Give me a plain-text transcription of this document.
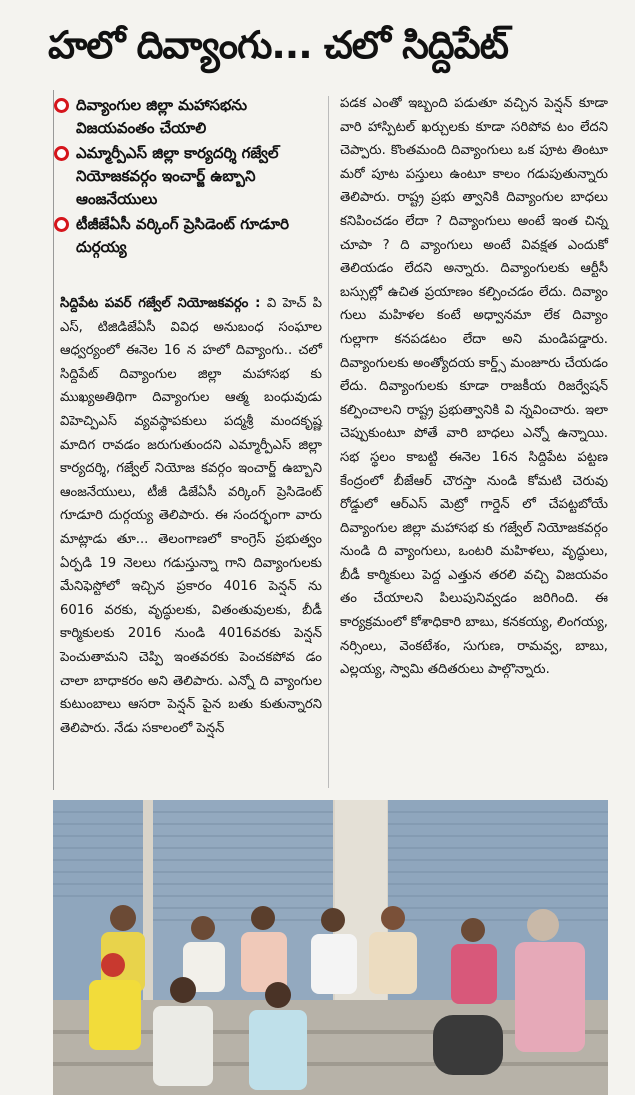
హలో దివ్యాంగు... చలో సిద్దిపేట్
దివ్యాంగుల జిల్లా మహాసభను విజయవంతం చేయాలి
ఎమ్మార్పీఎస్ జిల్లా కార్యదర్శి గజ్వేల్ నియోజకవర్గం ఇంచార్జ్ ఉబ్బాని ఆంజనేయులు
టీజీజేఏసీ వర్కింగ్ ప్రెసిడెంట్ గూడూరి దుర్గయ్య
సిద్దిపేట పవర్ గజ్వేల్ నియోజకవర్గం : వి హెచ్ పి ఎస్, టిజిడిజేఏసీ వివిధ అనుబంధ సంఘాల ఆధ్వర్యంలో ఈనెల 16 న హలో దివ్యాంగు.. చలో సిద్దిపేట్ దివ్యాంగుల జిల్లా మహాసభ కు ముఖ్యఅతిథిగా దివ్యాంగుల ఆత్మ బంధువుడు విహెచ్పిఎస్ వ్యవస్థాపకులు పద్మశ్రీ మందకృష్ణ మాదిగ రావడం జరుగుతుందని ఎమ్మార్పీఎస్ జిల్లా కార్యదర్శి, గజ్వేల్ నియోజ కవర్గం ఇంచార్జ్ ఉబ్బాని ఆంజనేయులు, టీజీ డిజేఏసీ వర్కింగ్ ప్రెసిడెంట్ గూడూరి దుర్గయ్య తెలిపారు. ఈ సందర్భంగా వారు మాట్లాడు తూ... తెలంగాణలో కాంగ్రెస్ ప్రభుత్వం ఏర్పడి 19 నెలలు గడుస్తున్నా గాని దివ్యాంగులకు మేనిఫెస్టోలో ఇచ్చిన ప్రకారం 4016 పెన్షన్ ను 6016 వరకు, వృద్ధులకు, వితంతువులకు, బీడీ కార్మికులకు 2016 నుండి 4016వరకు పెన్షన్ పెంచుతామని చెప్పి ఇంతవరకు పెంచకపోవ డం చాలా బాధాకరం అని తెలిపారు. ఎన్నో ది వ్యాంగుల కుటుంబాలు ఆసరా పెన్షన్ పైన బతు కుతున్నారని తెలిపారు. నేడు సకాలంలో పెన్షన్
పడక ఎంతో ఇబ్బంది పడుతూ వచ్చిన పెన్షన్ కూడా వారి హాస్పిటల్ ఖర్చులకు కూడా సరిపోవ టం లేదని చెప్పారు. కొంతమంది దివ్యాంగులు ఒక పూట తింటూ మరో పూట పస్తులు ఉంటూ కాలం గడుపుతున్నారు తెలిపారు. రాష్ట్ర ప్రభు త్వానికి దివ్యాంగుల బాధలు కనిపించడం లేదా ? దివ్యాంగులు అంటే ఇంత చిన్న చూపా ? ది వ్యాంగులు అంటే వివక్షత ఎందుకో తెలియడం లేదని అన్నారు. దివ్యాంగులకు ఆర్టీసీ బస్సుల్లో ఉచిత ప్రయాణం కల్పించడం లేదు. దివ్యాం గులు మహిళల కంటే అధ్వానమా లేక దివ్యాం గుల్లాగా కనపడటం లేదా అని మండిపడ్డారు. దివ్యాంగులకు అంత్యోదయ కార్డ్స్ మంజూరు చేయడం లేదు. దివ్యాంగులకు కూడా రాజకీయ రిజర్వేషన్ కల్పించాలని రాష్ట్ర ప్రభుత్వానికి వి న్నవించారు. ఇలా చెప్పుకుంటూ పోతే వారి బాధలు ఎన్నో ఉన్నాయి. సభ స్థలం కాబట్టి ఈనెల 16న సిద్దిపేట పట్టణ కేంద్రంలో బీజేఆర్ చౌరస్తా నుండి కోమటి చెరువు రోడ్డులో ఆర్ఎస్ మెట్రో గార్డెన్ లో చేపట్టబోయే దివ్యాంగుల జిల్లా మహాసభ కు గజ్వేల్ నియోజకవర్గం నుండి ది వ్యాంగులు, ఒంటరి మహిళలు, వృద్ధులు, బీడీ కార్మికులు పెద్ద ఎత్తున తరలి వచ్చి విజయవం తం చేయాలని పిలుపునివ్వడం జరిగింది. ఈ కార్యక్రమంలో కోశాధికారి బాబు, కనకయ్య, లింగయ్య, నర్సింలు, వెంకటేశం, సుగుణ, రామవ్వ, బాబు, ఎల్లయ్య, స్వామి తదితరులు పాల్గొన్నారు.
